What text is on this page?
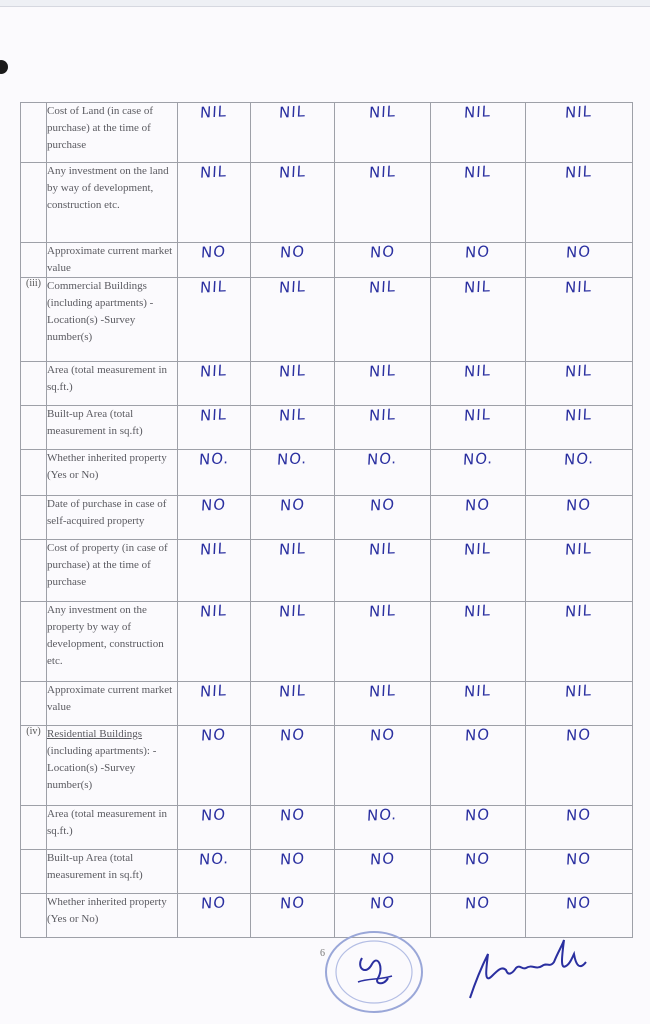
	Cost of Land (in case of purchase) at the time of purchase	NIL	NIL	NIL	NIL	NIL
	Any investment on the land by way of development, construction etc.	NIL	NIL	NIL	NIL	NIL
	Approximate current market value	NO	NO	NO	NO	NO
(iii)	Commercial Buildings (including apartments) -Location(s) -Survey number(s)	NIL	NIL	NIL	NIL	NIL
	Area (total measurement in sq.ft.)	NIL	NIL	NIL	NIL	NIL
	Built-up Area (total measurement in sq.ft)	NIL	NIL	NIL	NIL	NIL
	Whether inherited property (Yes or No)	NO.	NO.	NO.	NO.	NO.
	Date of purchase in case of self-acquired property	NO	NO	NO	NO	NO
	Cost of property (in case of purchase) at the time of purchase	NIL	NIL	NIL	NIL	NIL
	Any investment on the property by way of development, construction etc.	NIL	NIL	NIL	NIL	NIL
	Approximate current market value	NIL	NIL	NIL	NIL	NIL
(iv)	Residential Buildings (including apartments): -Location(s) -Survey number(s)	NO	NO	NO	NO	NO
	Area (total measurement in sq.ft.)	NO	NO	NO.	NO	NO
	Built-up Area (total measurement in sq.ft)	NO.	NO	NO	NO	NO
	Whether inherited property (Yes or No)	NO	NO	NO	NO	NO
6
